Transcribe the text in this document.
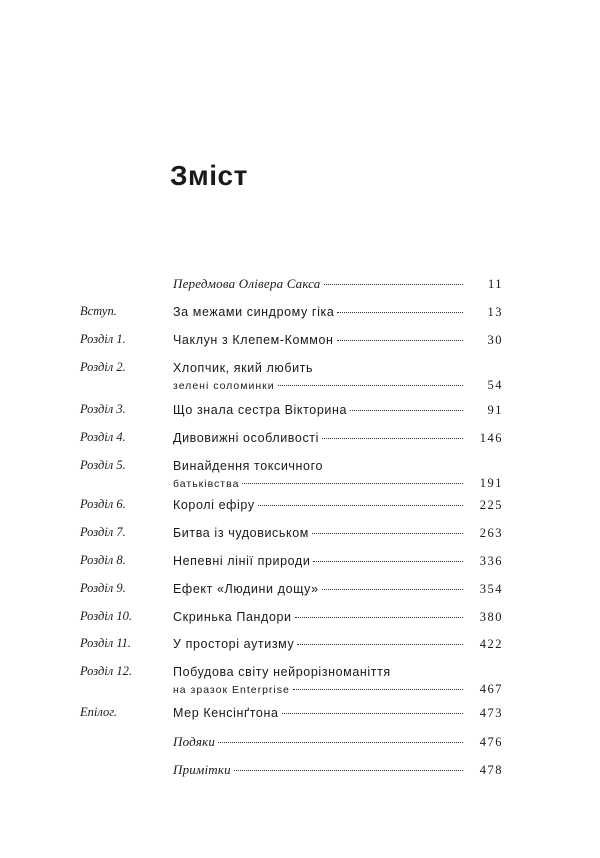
Зміст
Передмова Олівера Сакса	11
Вступ.	За межами синдрому гіка	13
Розділ 1.	Чаклун з Клепем-Коммон	30
Розділ 2.	Хлопчик, який любить
зелені соломинки	54
Розділ 3.	Що знала сестра Вікторина	91
Розділ 4.	Дивовижні особливості	146
Розділ 5.	Винайдення токсичного
батьківства	191
Розділ 6.	Королі ефіру	225
Розділ 7.	Битва із чудовиськом	263
Розділ 8.	Непевні лінії природи	336
Розділ 9.	Ефект «Людини дощу»	354
Розділ 10.	Скринька Пандори	380
Розділ 11.	У просторі аутизму	422
Розділ 12.	Побудова світу нейрорізноманіття
на зразок Enterprise	467
Епілог.	Мер Кенсінґтона	473
Подяки	476
Примітки	478
